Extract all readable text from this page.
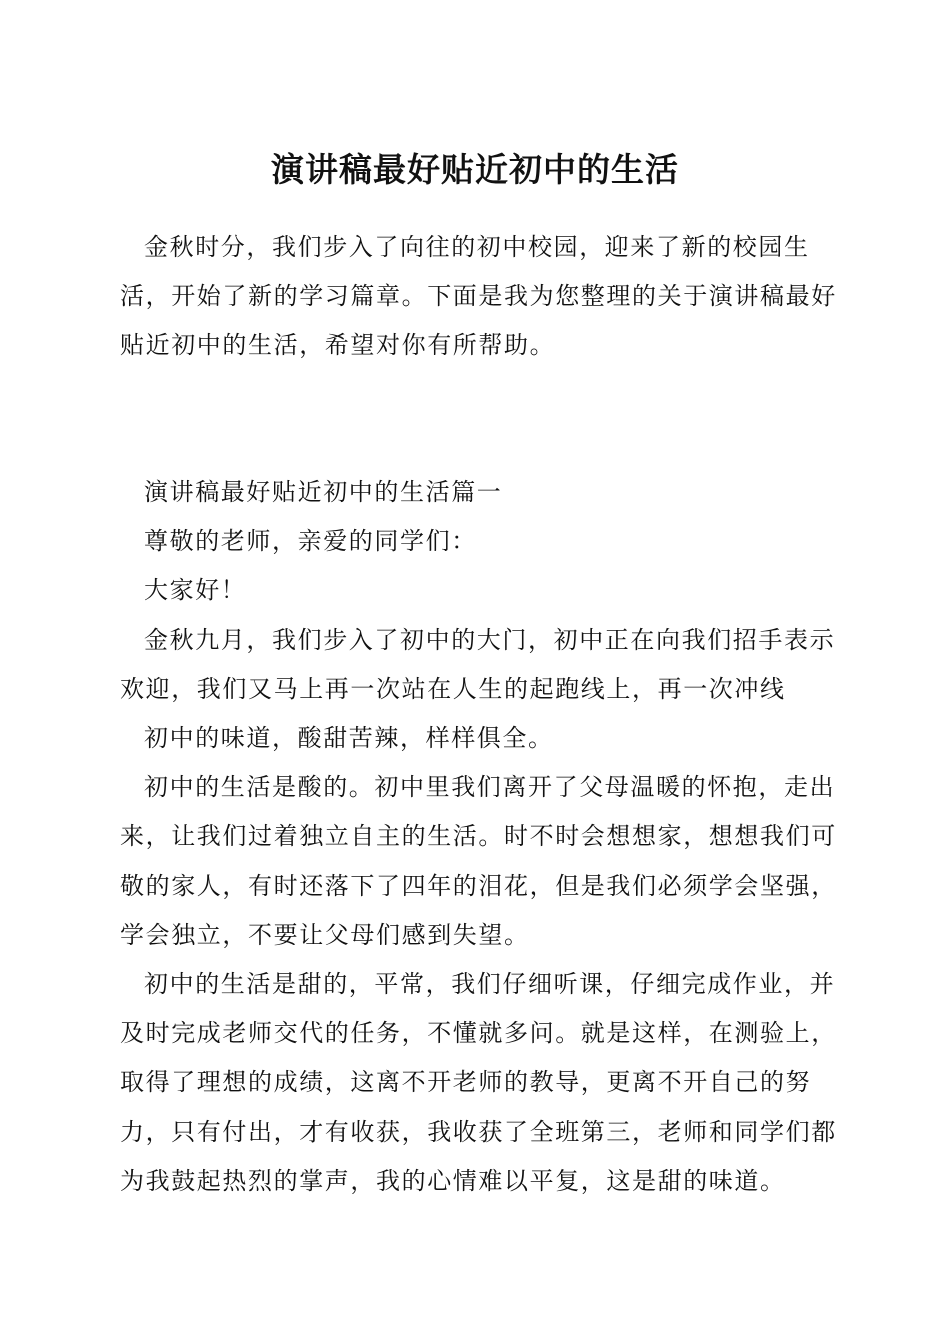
演讲稿最好贴近初中的生活

金秋时分，我们步入了向往的初中校园，迎来了新的校园生活，开始了新的学习篇章。下面是我为您整理的关于演讲稿最好贴近初中的生活，希望对你有所帮助。

演讲稿最好贴近初中的生活篇一

尊敬的老师，亲爱的同学们：

大家好！

金秋九月，我们步入了初中的大门，初中正在向我们招手表示欢迎，我们又马上再一次站在人生的起跑线上，再一次冲线

初中的味道，酸甜苦辣，样样俱全。

初中的生活是酸的。初中里我们离开了父母温暖的怀抱，走出来，让我们过着独立自主的生活。时不时会想想家，想想我们可敬的家人，有时还落下了四年的泪花，但是我们必须学会坚强，学会独立，不要让父母们感到失望。

初中的生活是甜的，平常，我们仔细听课，仔细完成作业，并及时完成老师交代的任务，不懂就多问。就是这样，在测验上，取得了理想的成绩，这离不开老师的教导，更离不开自己的努力，只有付出，才有收获，我收获了全班第三，老师和同学们都为我鼓起热烈的掌声，我的心情难以平复，这是甜的味道。
